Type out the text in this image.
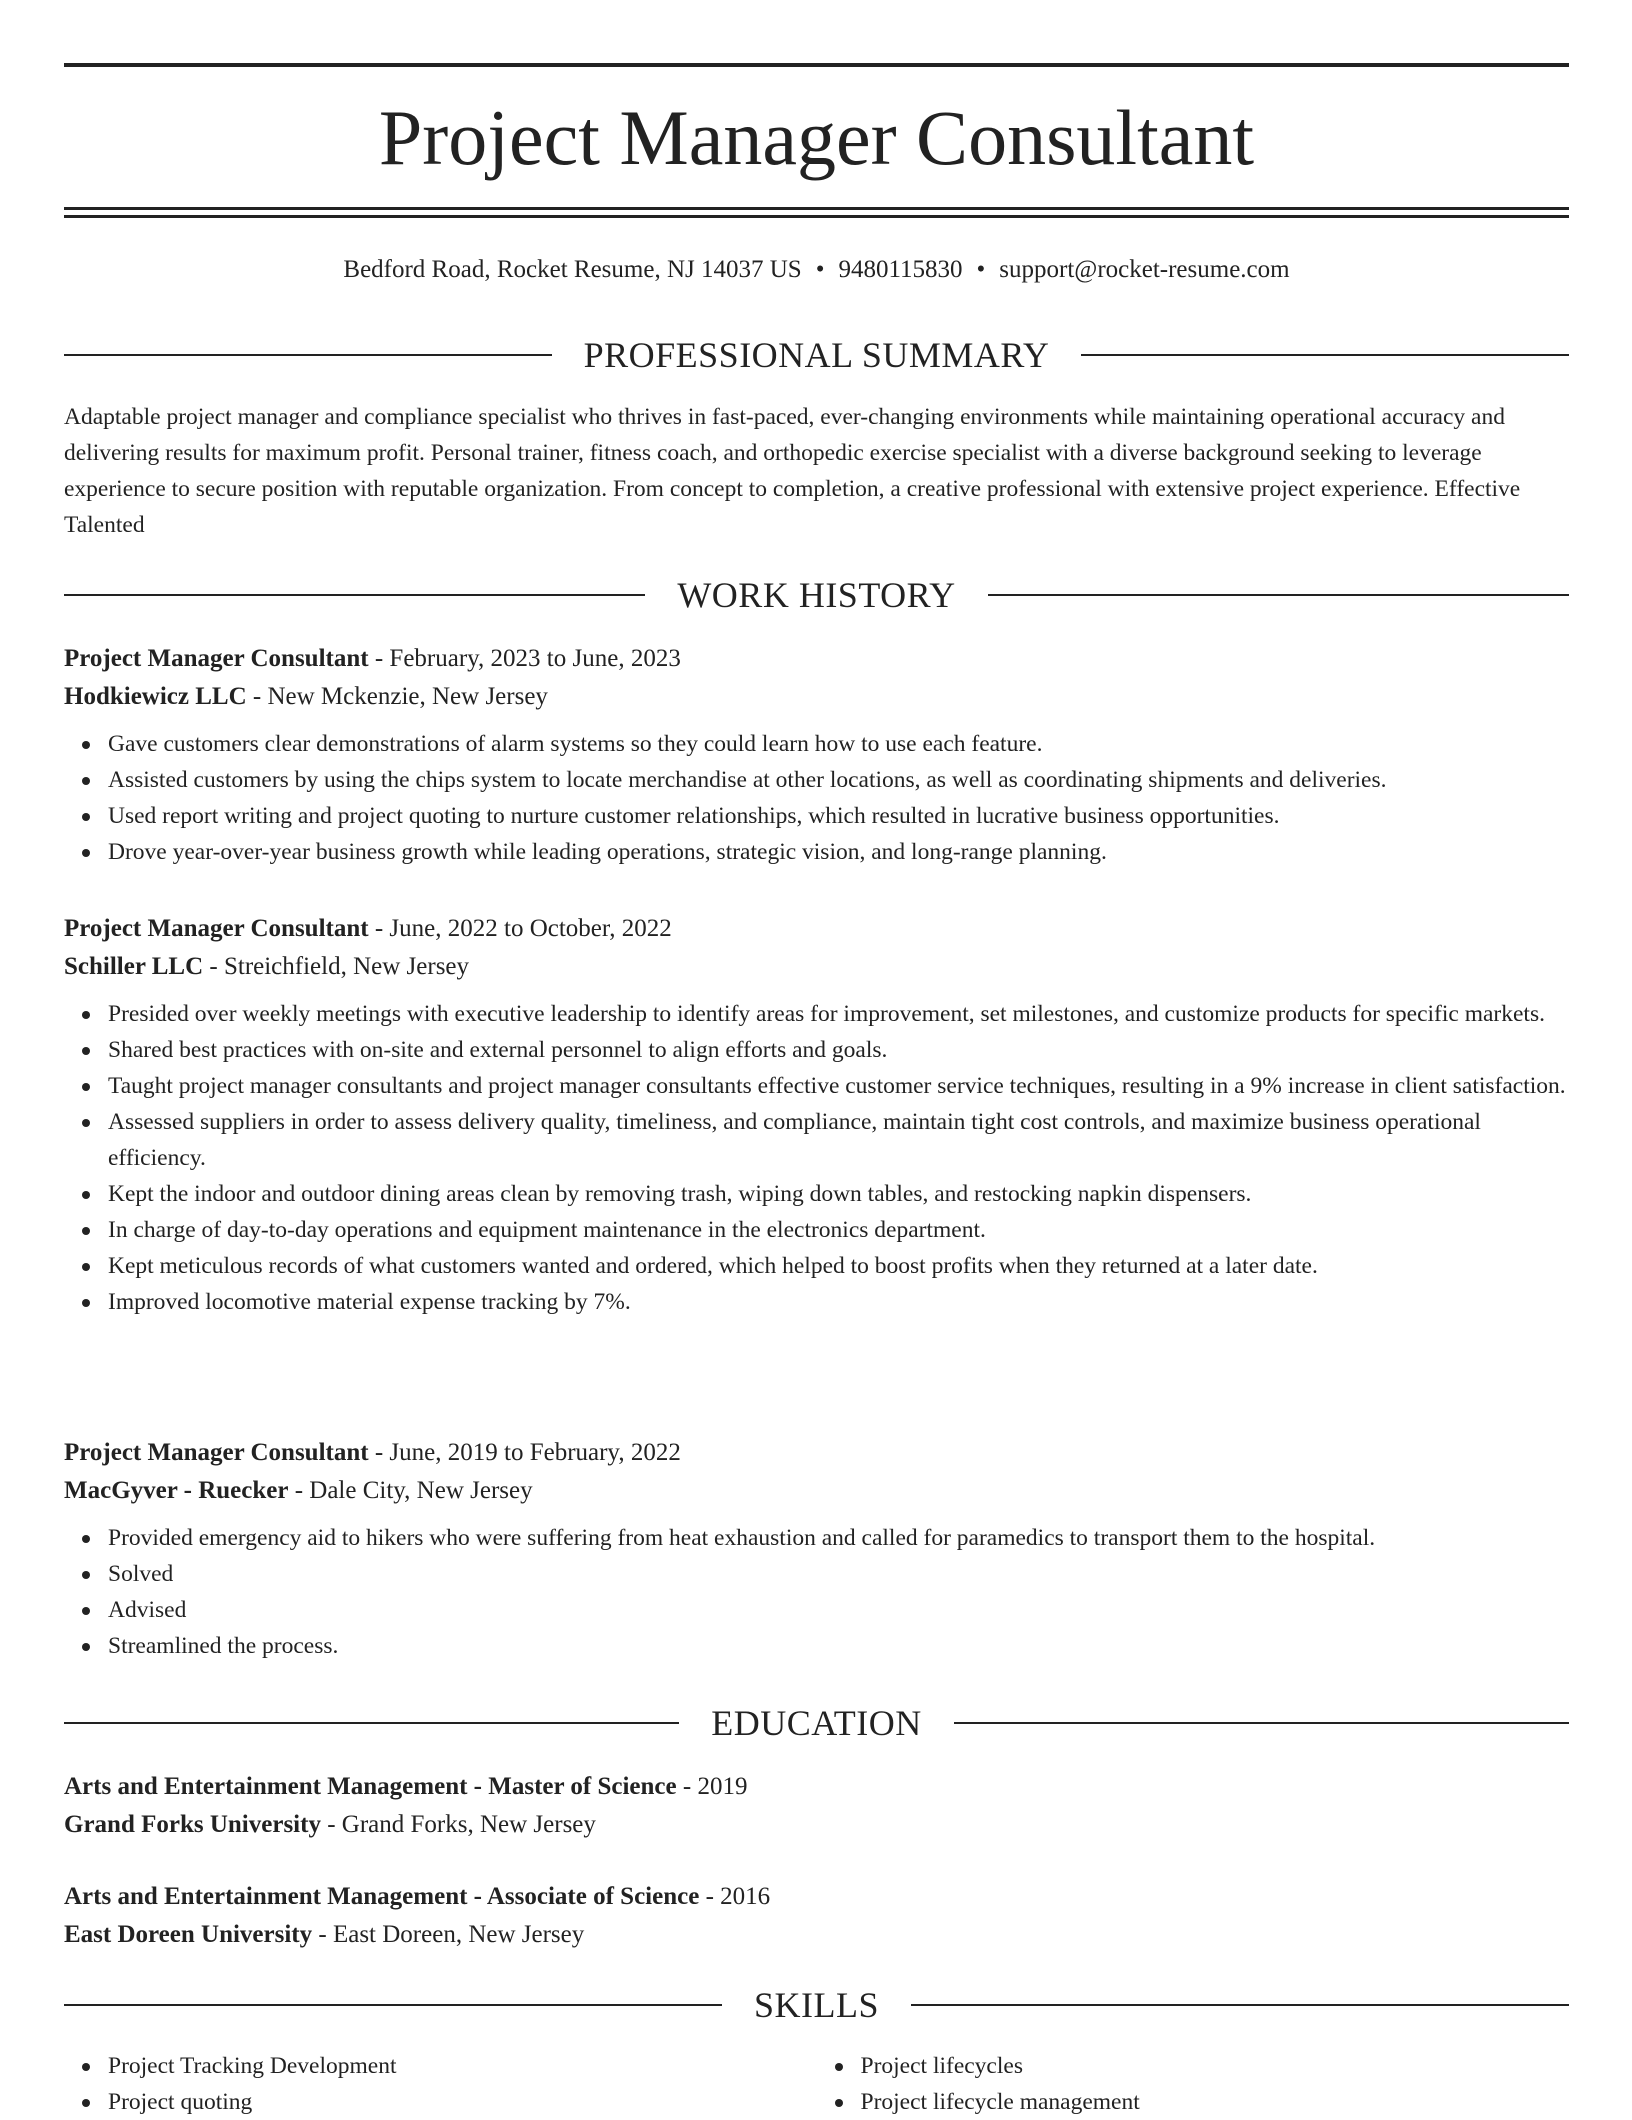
Project Manager Consultant
Bedford Road, Rocket Resume, NJ 14037 US • 9480115830 • support@rocket-resume.com
PROFESSIONAL SUMMARY

Adaptable project manager and compliance specialist who thrives in fast-paced, ever-changing environments while maintaining operational accuracy and delivering results for maximum profit. Personal trainer, fitness coach, and orthopedic exercise specialist with a diverse background seeking to leverage experience to secure position with reputable organization. From concept to completion, a creative professional with extensive project experience. Effective Talented

WORK HISTORY
Project Manager Consultant - February, 2023 to June, 2023
Hodkiewicz LLC - New Mckenzie, New Jersey
Gave customers clear demonstrations of alarm systems so they could learn how to use each feature.
Assisted customers by using the chips system to locate merchandise at other locations, as well as coordinating shipments and deliveries.
Used report writing and project quoting to nurture customer relationships, which resulted in lucrative business opportunities.
Drove year-over-year business growth while leading operations, strategic vision, and long-range planning.
Project Manager Consultant - June, 2022 to October, 2022
Schiller LLC - Streichfield, New Jersey
Presided over weekly meetings with executive leadership to identify areas for improvement, set milestones, and customize products for specific markets.
Shared best practices with on-site and external personnel to align efforts and goals.
Taught project manager consultants and project manager consultants effective customer service techniques, resulting in a 9% increase in client satisfaction.
Assessed suppliers in order to assess delivery quality, timeliness, and compliance, maintain tight cost controls, and maximize business operational efficiency.
Kept the indoor and outdoor dining areas clean by removing trash, wiping down tables, and restocking napkin dispensers.
In charge of day-to-day operations and equipment maintenance in the electronics department.
Kept meticulous records of what customers wanted and ordered, which helped to boost profits when they returned at a later date.
Improved locomotive material expense tracking by 7%.
Project Manager Consultant - June, 2019 to February, 2022
MacGyver - Ruecker - Dale City, New Jersey
Provided emergency aid to hikers who were suffering from heat exhaustion and called for paramedics to transport them to the hospital.
Solved
Advised
Streamlined the process.
EDUCATION
Arts and Entertainment Management - Master of Science - 2019
Grand Forks University - Grand Forks, New Jersey
Arts and Entertainment Management - Associate of Science - 2016
East Doreen University - East Doreen, New Jersey
SKILLS
Project Tracking Development
Project quoting
Project lifecycles
Project lifecycle management
